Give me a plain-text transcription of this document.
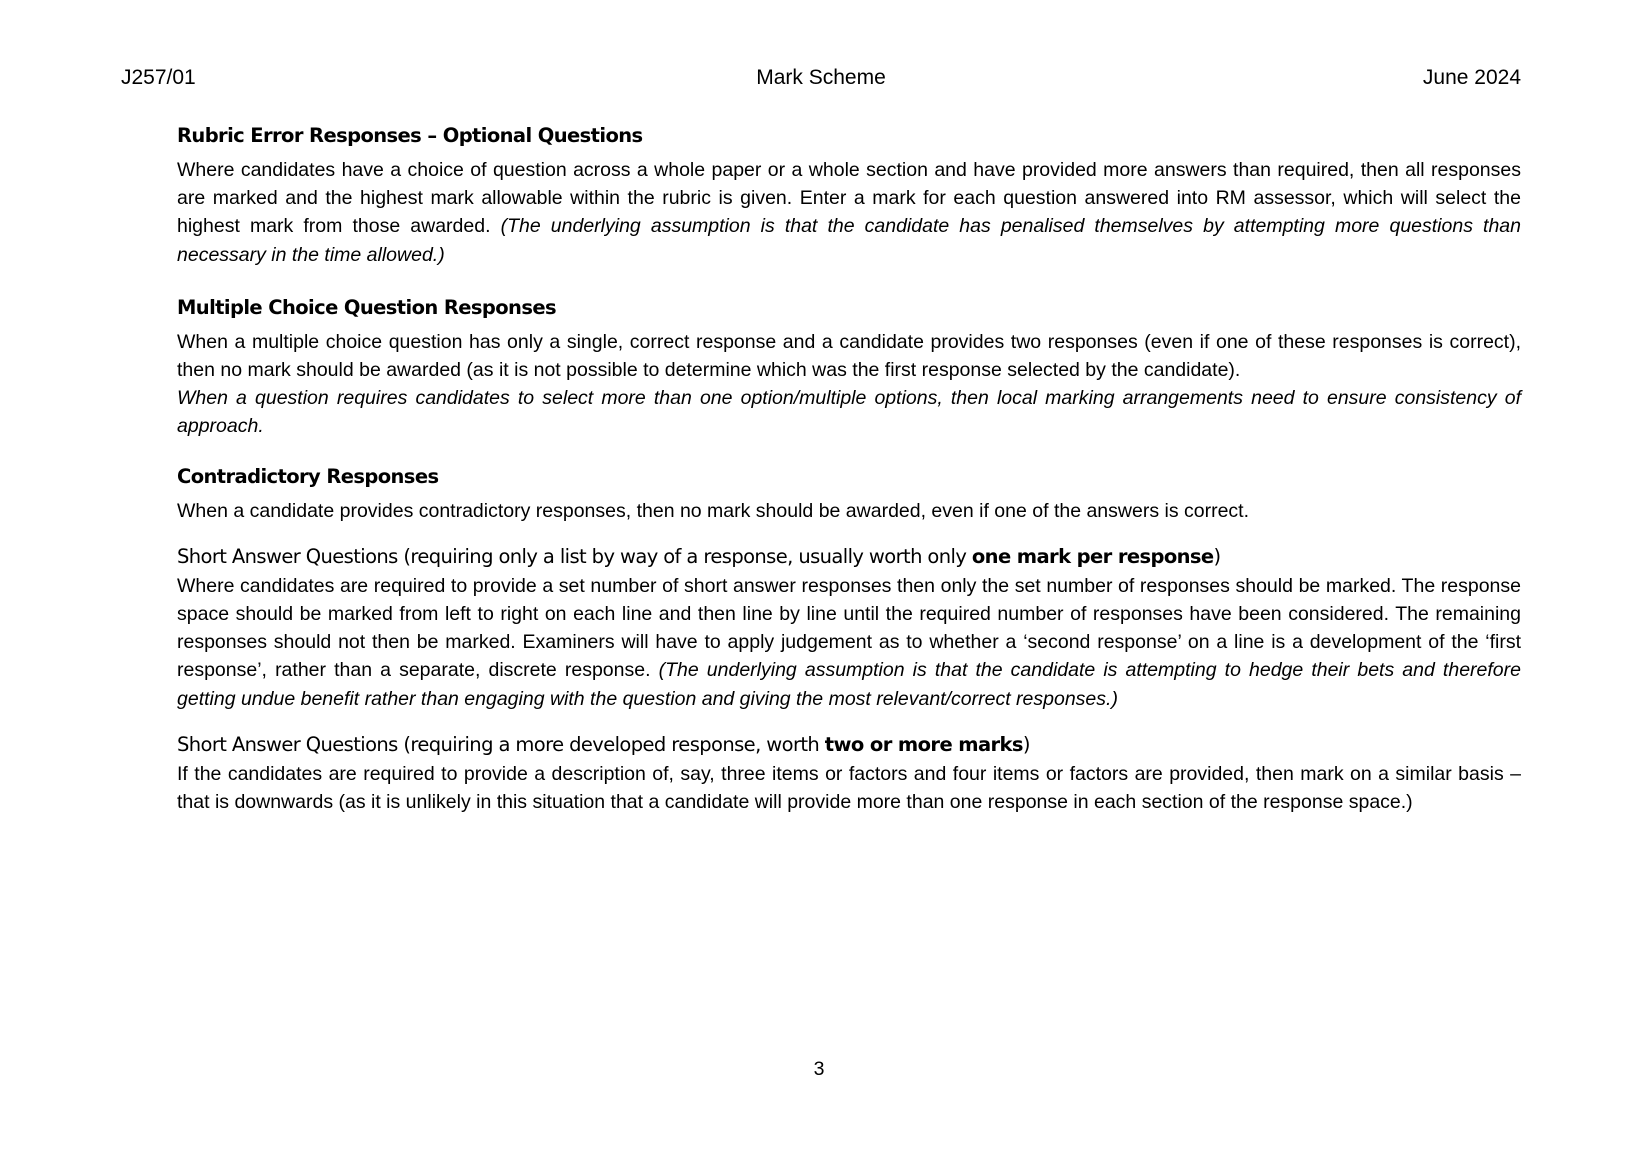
J257/01	Mark Scheme	June 2024
Rubric Error Responses – Optional Questions

Where candidates have a choice of question across a whole paper or a whole section and have provided more answers than required, then all responses are marked and the highest mark allowable within the rubric is given. Enter a mark for each question answered into RM assessor, which will select the highest mark from those awarded. (The underlying assumption is that the candidate has penalised themselves by attempting more questions than necessary in the time allowed.)

Multiple Choice Question Responses

When a multiple choice question has only a single, correct response and a candidate provides two responses (even if one of these responses is correct), then no mark should be awarded (as it is not possible to determine which was the first response selected by the candidate).

When a question requires candidates to select more than one option/multiple options, then local marking arrangements need to ensure consistency of approach.

Contradictory Responses

When a candidate provides contradictory responses, then no mark should be awarded, even if one of the answers is correct.

Short Answer Questions (requiring only a list by way of a response, usually worth only one mark per response)

Where candidates are required to provide a set number of short answer responses then only the set number of responses should be marked. The response space should be marked from left to right on each line and then line by line until the required number of responses have been considered. The remaining responses should not then be marked. Examiners will have to apply judgement as to whether a ‘second response’ on a line is a development of the ‘first response’, rather than a separate, discrete response. (The underlying assumption is that the candidate is attempting to hedge their bets and therefore getting undue benefit rather than engaging with the question and giving the most relevant/correct responses.)

Short Answer Questions (requiring a more developed response, worth two or more marks)

If the candidates are required to provide a description of, say, three items or factors and four items or factors are provided, then mark on a similar basis – that is downwards (as it is unlikely in this situation that a candidate will provide more than one response in each section of the response space.)

3
